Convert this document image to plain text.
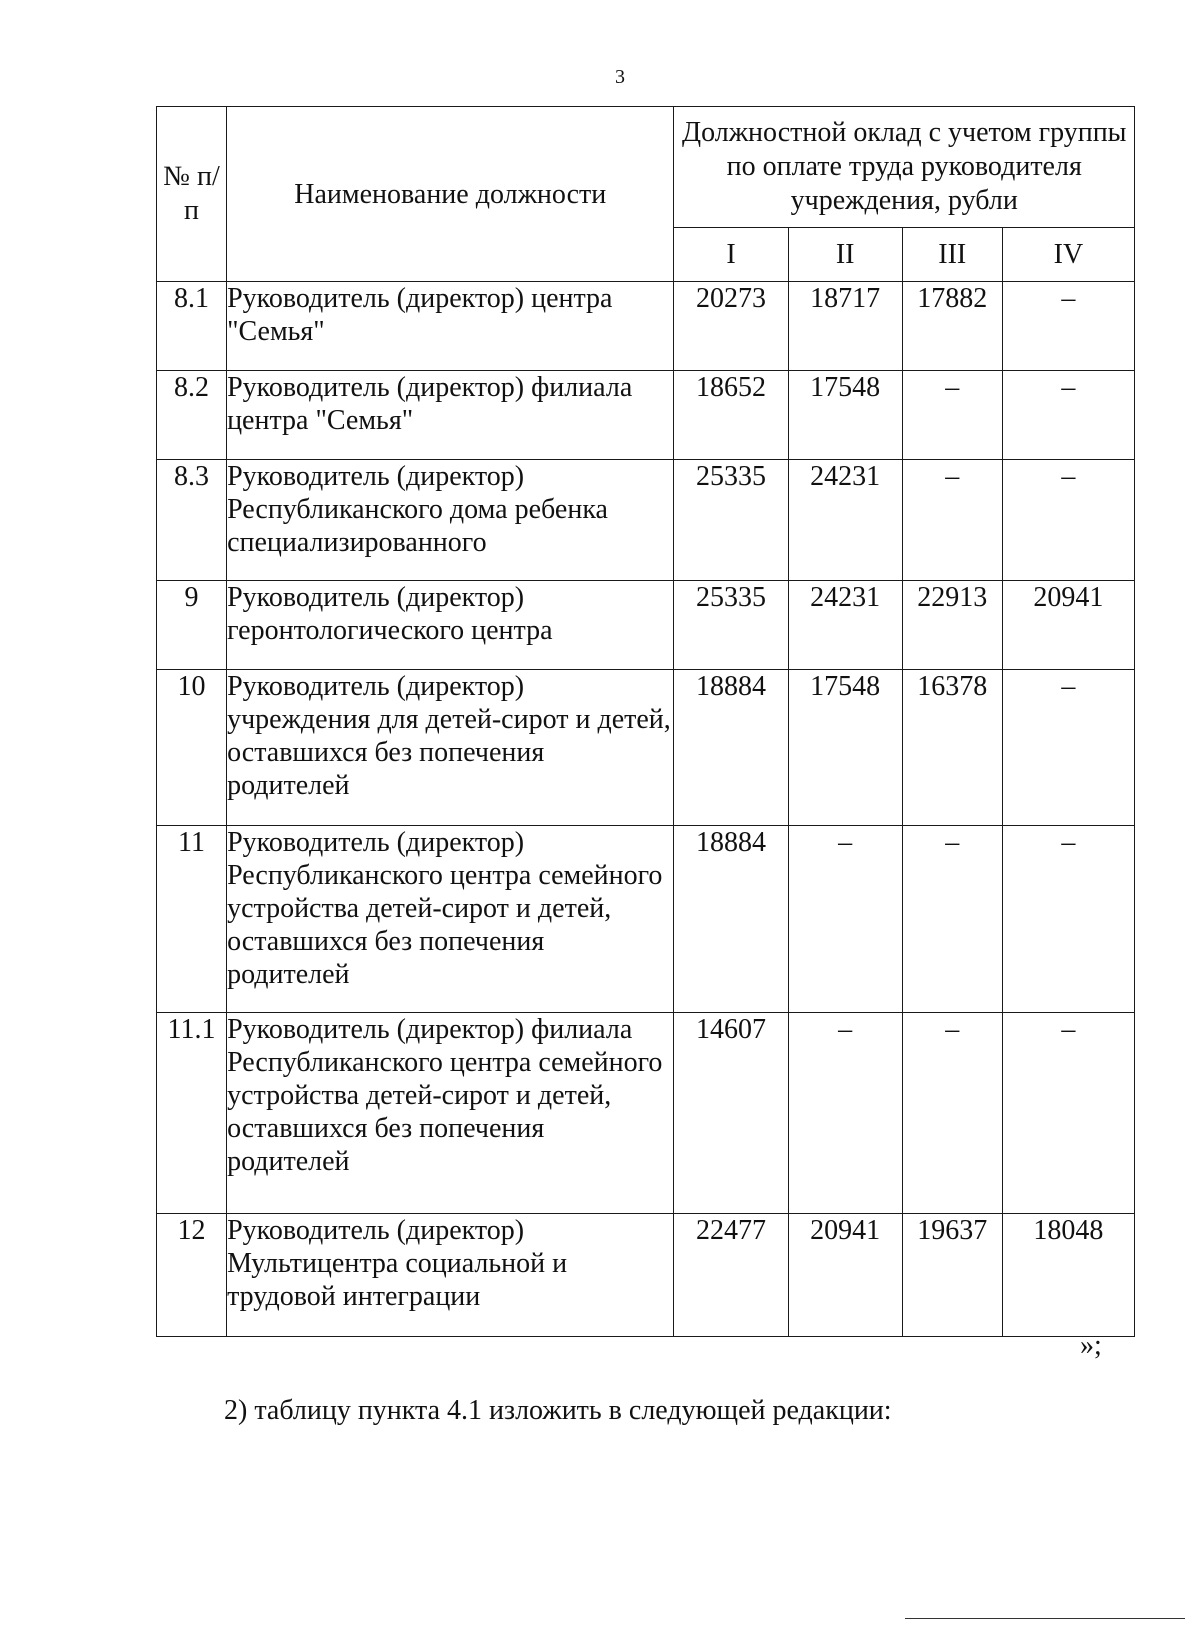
3
№ п/п	Наименование должности	Должностной оклад с учетом группы по оплате труда руководителя учреждения, рубли			
		I	II	III	IV
8.1	Руководитель (директор) центра "Семья"	20273	18717	17882	–
8.2	Руководитель (директор) филиала центра "Семья"	18652	17548	–	–
8.3	Руководитель (директор) Республиканского дома ребенка специализированного	25335	24231	–	–
9	Руководитель (директор) геронтологического центра	25335	24231	22913	20941
10	Руководитель (директор) учреждения для детей-сирот и детей, оставшихся без попечения родителей	18884	17548	16378	–
11	Руководитель (директор) Республиканского центра семейного устройства детей-сирот и детей, оставшихся без попечения родителей	18884	–	–	–
11.1	Руководитель (директор) филиала Республиканского центра семейного устройства детей-сирот и детей, оставшихся без попечения родителей	14607	–	–	–
12	Руководитель (директор) Мультицентра социальной и трудовой интеграции	22477	20941	19637	18048
»;
2) таблицу пункта 4.1 изложить в следующей редакции:
